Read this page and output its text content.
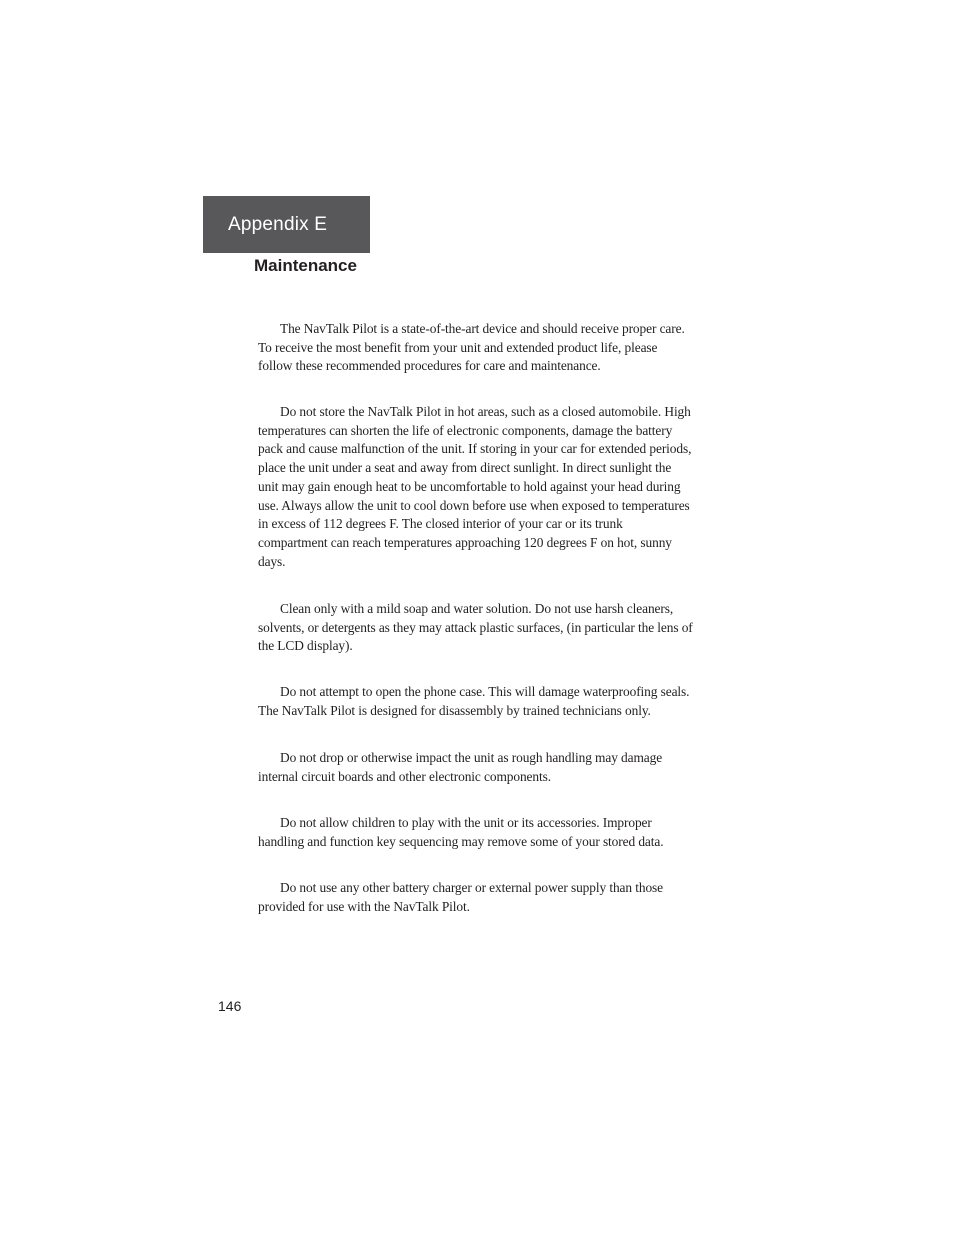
Appendix E
Maintenance

The NavTalk Pilot is a state-of-the-art device and should receive proper care. To receive the most benefit from your unit and extended product life, please follow these recommended procedures for care and maintenance.

Do not store the NavTalk Pilot in hot areas, such as a closed automobile. High temperatures can shorten the life of electronic components, damage the battery pack and cause malfunction of the unit. If storing in your car for extended periods, place the unit under a seat and away from direct sunlight. In direct sunlight the unit may gain enough heat to be uncomfortable to hold against your head during use. Always allow the unit to cool down before use when exposed to temperatures in excess of 112 degrees F. The closed interior of your car or its trunk compartment can reach temperatures approaching 120 degrees F on hot, sunny days.

Clean only with a mild soap and water solution. Do not use harsh cleaners, solvents, or detergents as they may attack plastic surfaces, (in particular the lens of the LCD display).

Do not attempt to open the phone case. This will damage waterproofing seals. The NavTalk Pilot is designed for disassembly by trained technicians only.

Do not drop or otherwise impact the unit as rough handling may damage internal circuit boards and other electronic components.

Do not allow children to play with the unit or its accessories. Improper handling and function key sequencing may remove some of your stored data.

Do not use any other battery charger or external power supply than those provided for use with the NavTalk Pilot.

146
